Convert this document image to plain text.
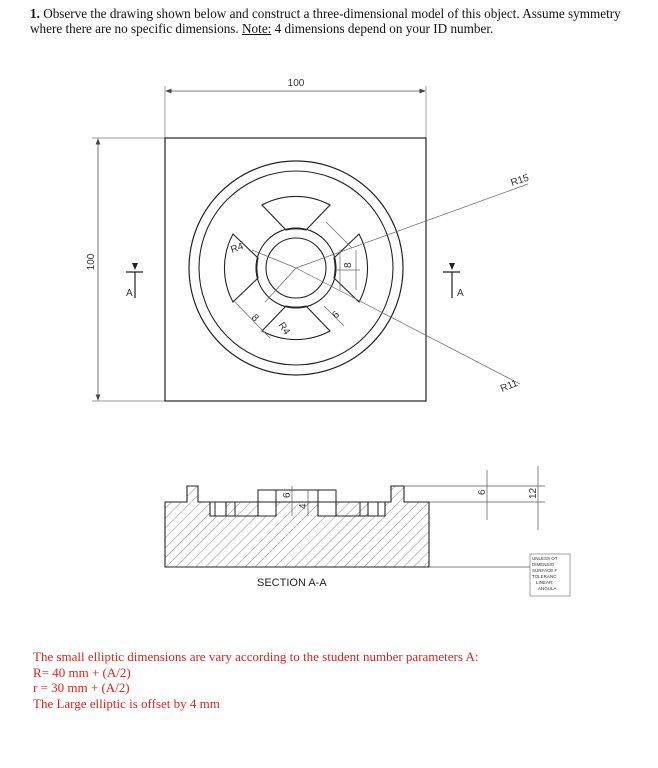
1. Observe the drawing shown below and construct a three-dimensional model of this object. Assume symmetry where there are no specific dimensions. Note: 4 dimensions depend on your ID number.
100
100
R15
R11
R4
R4
8
8	6
A	A
6
4
6	12
SECTION A-A
UNLESS OT
DIMENSIO
SURFACE F
TOLERANC
LINEAR:
ANGULA
The small elliptic dimensions are vary according to the student number parameters A:
R= 40 mm + (A/2)
r = 30 mm + (A/2)
The Large elliptic is offset by 4 mm
